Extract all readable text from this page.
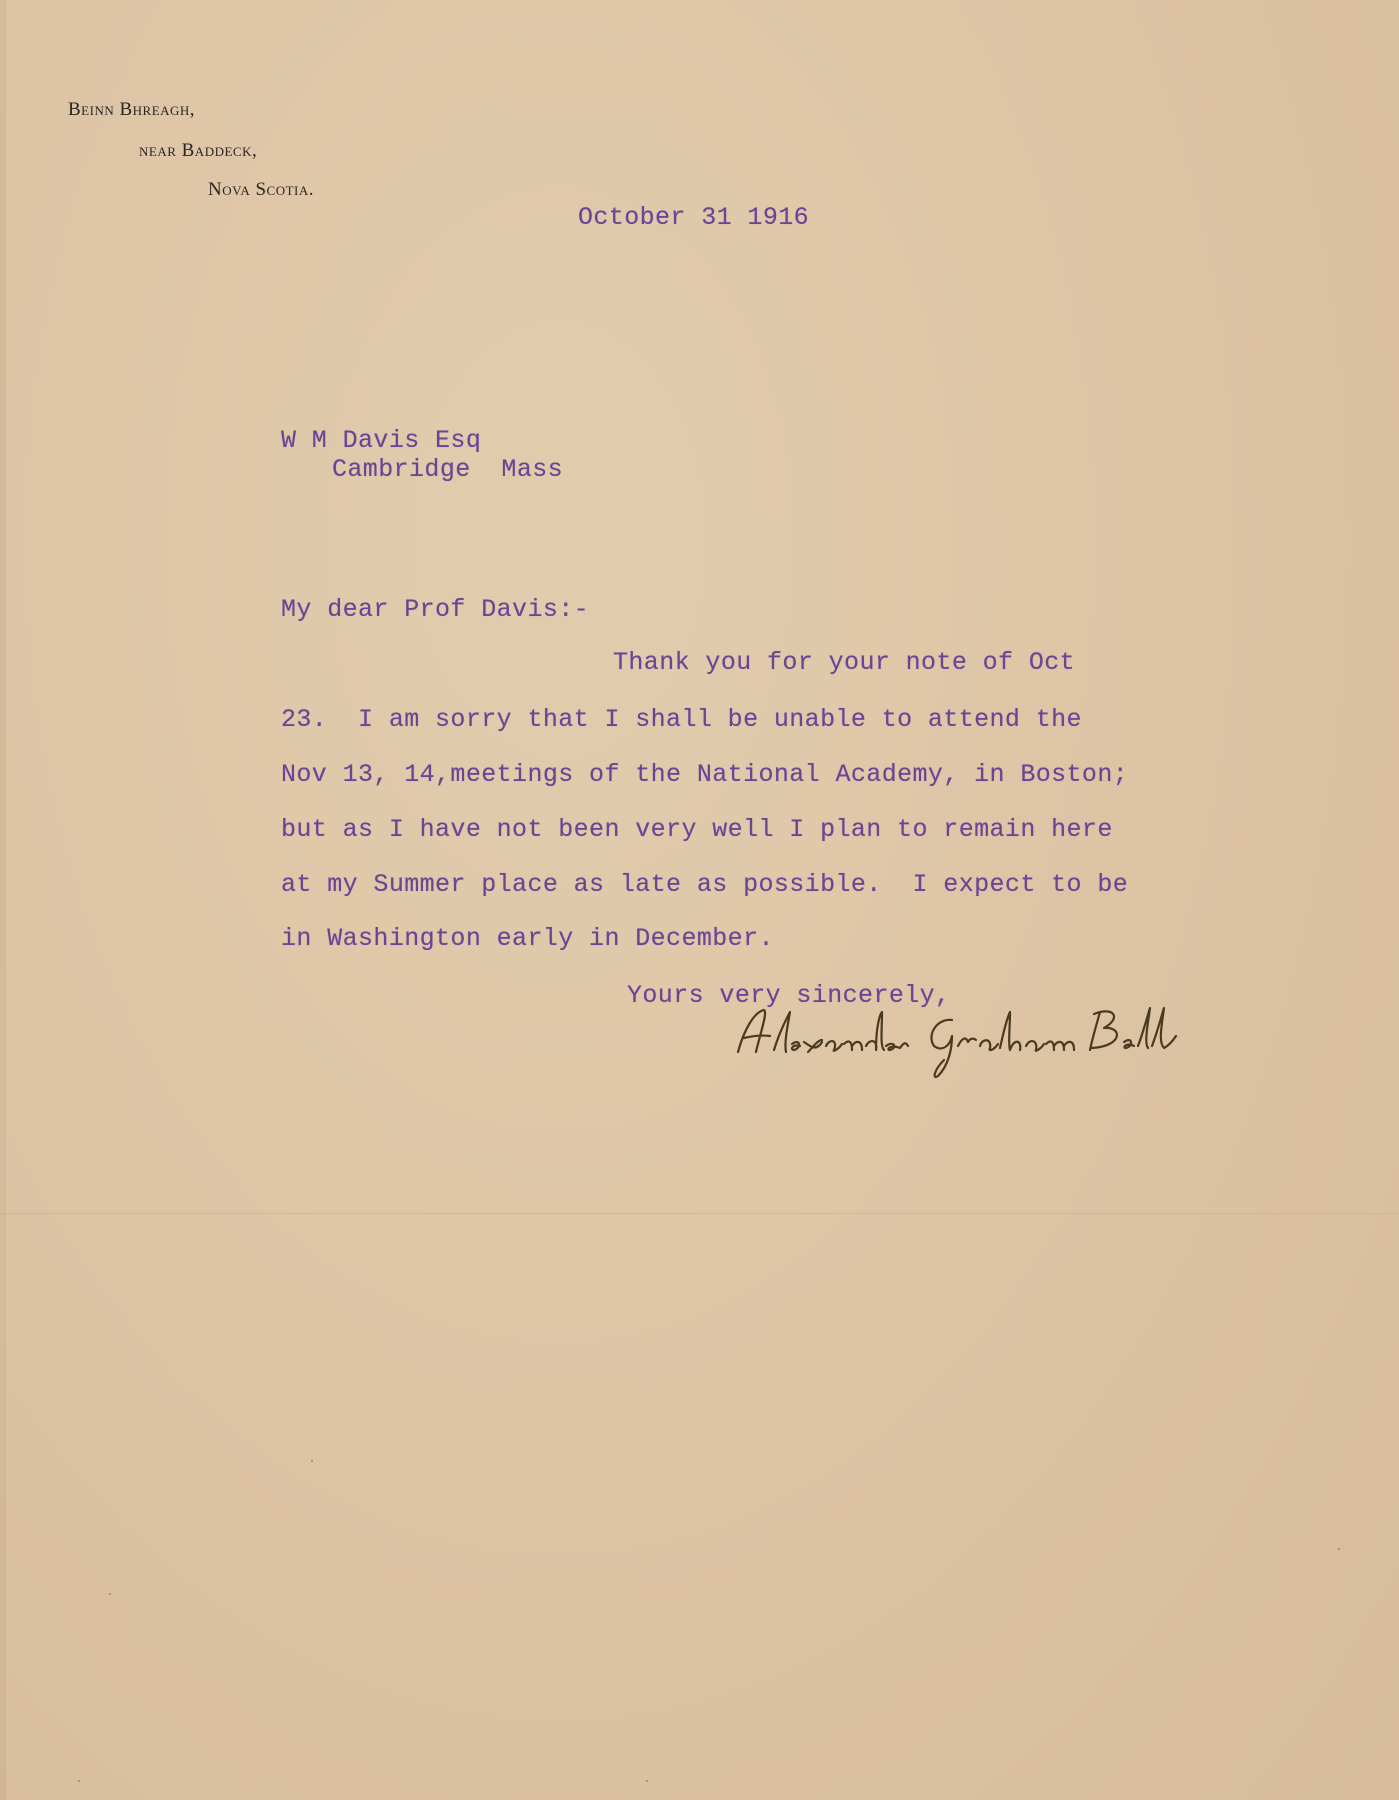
Beinn Bhreagh,
near Baddeck,
Nova Scotia.
October 31 1916
W M Davis Esq
Cambridge  Mass
My dear Prof Davis:-
Thank you for your note of Oct
23.  I am sorry that I shall be unable to attend the
Nov 13, 14,meetings of the National Academy, in Boston;
but as I have not been very well I plan to remain here
at my Summer place as late as possible.  I expect to be
in Washington early in December.
Yours very sincerely,
